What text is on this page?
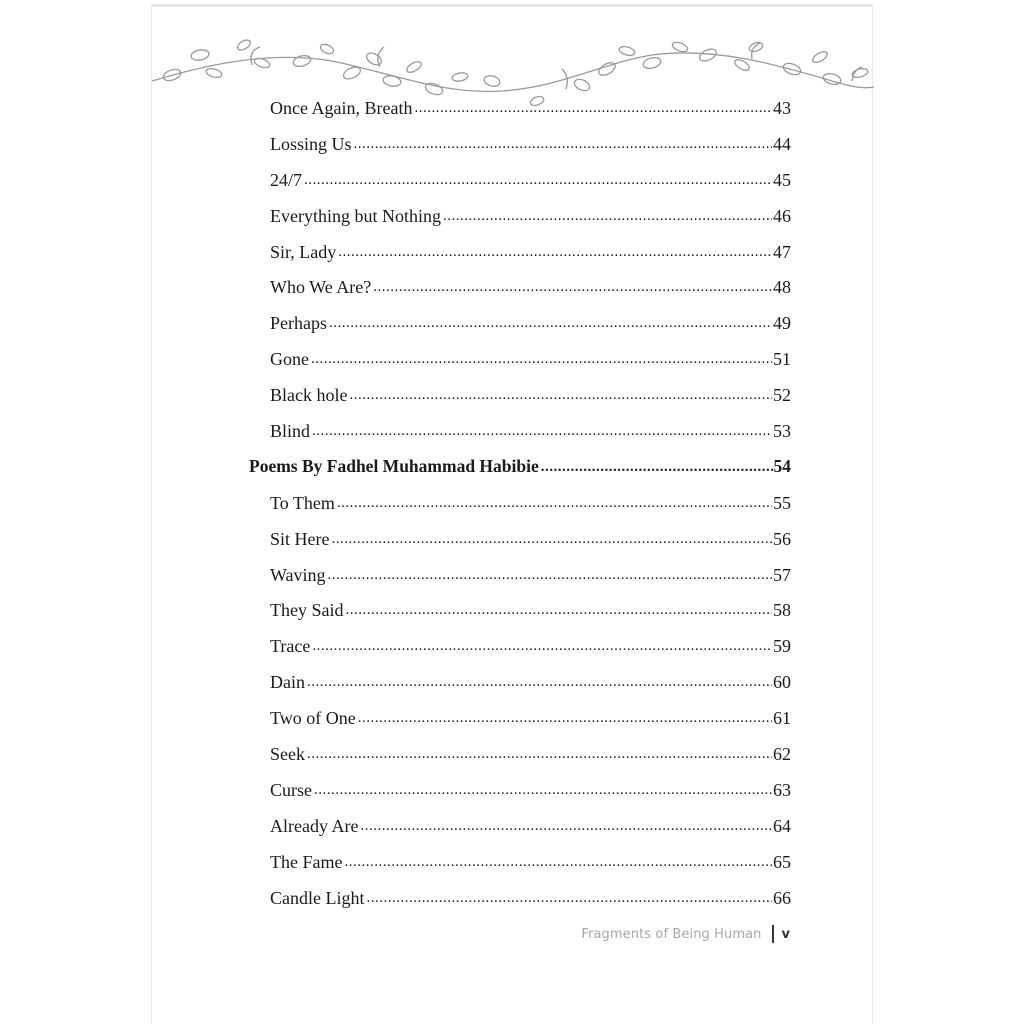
Once Again, Breath .....	43
Lossing Us .....	44
24/7 .....	45
Everything but Nothing .....	46
Sir, Lady .....	47
Who We Are? .....	48
Perhaps .....	49
Gone .....	51
Black hole .....	52
Blind .....	53
Poems By Fadhel Muhammad Habibie .....	54
To Them .....	55
Sit Here .....	56
Waving .....	57
They Said .....	58
Trace .....	59
Dain .....	60
Two of One .....	61
Seek .....	62
Curse .....	63
Already Are .....	64
The Fame .....	65
Candle Light .....	66
Fragments of Being Human v
